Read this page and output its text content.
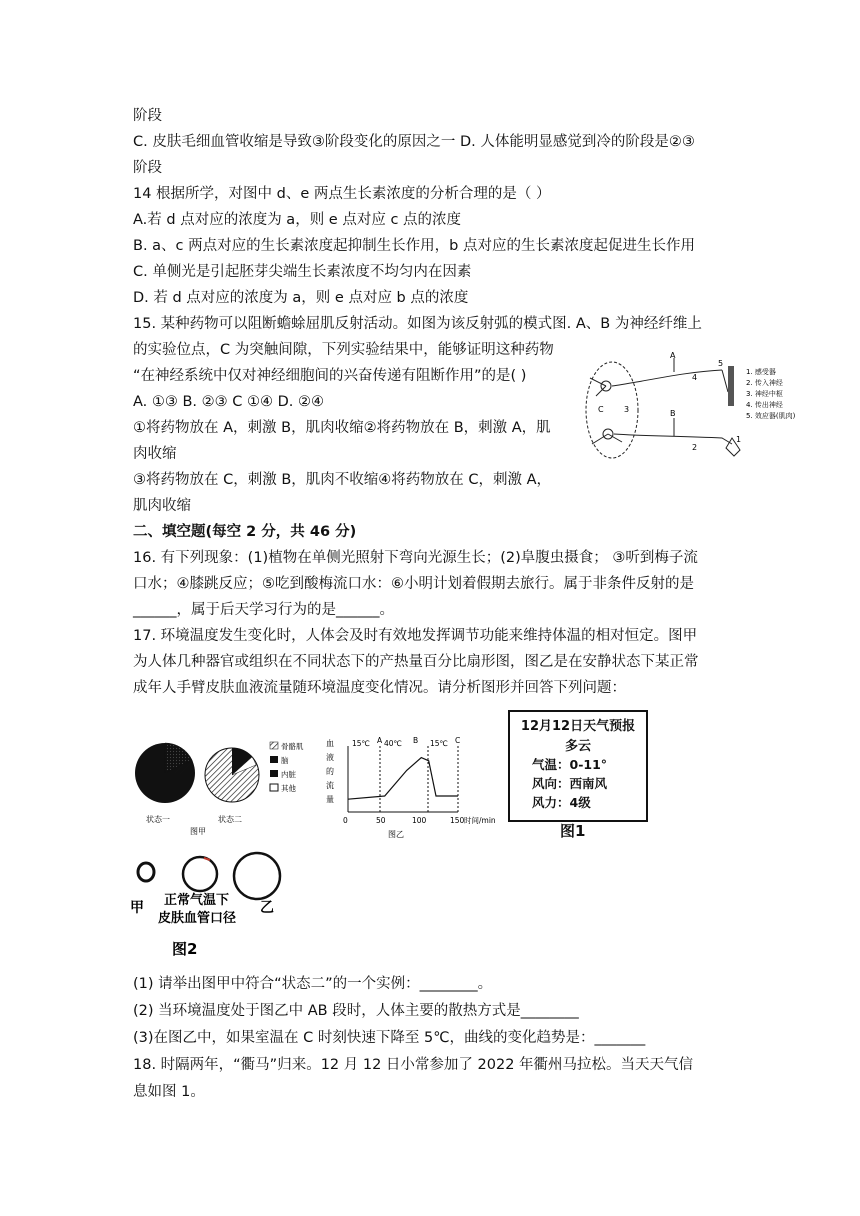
阶段
C. 皮肤毛细血管收缩是导致③阶段变化的原因之一 D. 人体能明显感觉到冷的阶段是②③
阶段
14 根据所学，对图中 d、e 两点生长素浓度的分析合理的是（ ）
A.若 d 点对应的浓度为 a，则 e 点对应 c 点的浓度
B. a、c 两点对应的生长素浓度起抑制生长作用，b 点对应的生长素浓度起促进生长作用
C. 单侧光是引起胚芽尖端生长素浓度不均匀内在因素
D. 若 d 点对应的浓度为 a，则 e 点对应 b 点的浓度
15. 某种药物可以阻断蟾蜍屈肌反射活动。如图为该反射弧的模式图. A、B 为神经纤维上
的实验位点，C 为突触间隙，下列实验结果中，能够证明这种药物
“在神经系统中仅对神经细胞间的兴奋传递有阻断作用”的是( )
A. ①③ B. ②③ C ①④ D. ②④
①将药物放在 A，刺激 B，肌肉收缩②将药物放在 B，刺激 A，肌
肉收缩
③将药物放在 C，刺激 B，肌肉不收缩④将药物放在 C，刺激 A，
肌肉收缩
二、填空题(每空 2 分，共 46 分)
16. 有下列现象：(1)植物在单侧光照射下弯向光源生长；(2)阜腹虫摄食； ③听到梅子流
口水；④膝跳反应；⑤吃到酸梅流口水：⑥小明计划着假期去旅行。属于非条件反射的是
______，属于后天学习行为的是______。
17. 环境温度发生变化时，人体会及时有效地发挥调节功能来维持体温的相对恒定。图甲
为人体几种器官或组织在不同状态下的产热量百分比扇形图，图乙是在安静状态下某正常
成年人手臂皮肤血液流量随环境温度变化情况。请分析图形并回答下列问题：
(1) 请举出图甲中符合“状态二”的一个实例：________。
(2) 当环境温度处于图乙中 AB 段时，人体主要的散热方式是________
(3)在图乙中，如果室温在 C 时刻快速下降至 5℃，曲线的变化趋势是：_______
18. 时隔两年，“衢马”归来。12 月 12 日小常参加了 2022 年衢州马拉松。当天天气信
息如图 1。
A
B
C
1
2
3
4
5
1. 感受器
2. 传入神经
3. 神经中枢
4. 传出神经
5. 效应器(肌肉)
骨骼肌
脑
内脏
其他
状态一	状态二
图甲
血
液
的
流
量
15℃ 40℃	15℃
A	B	C
0	50	100	150 时间/min
图乙
12月12日天气预报
多云
气温：0-11°
风向：西南风
风力：4级
图1
甲 正常气温下
皮肤血管口径
乙
图2
